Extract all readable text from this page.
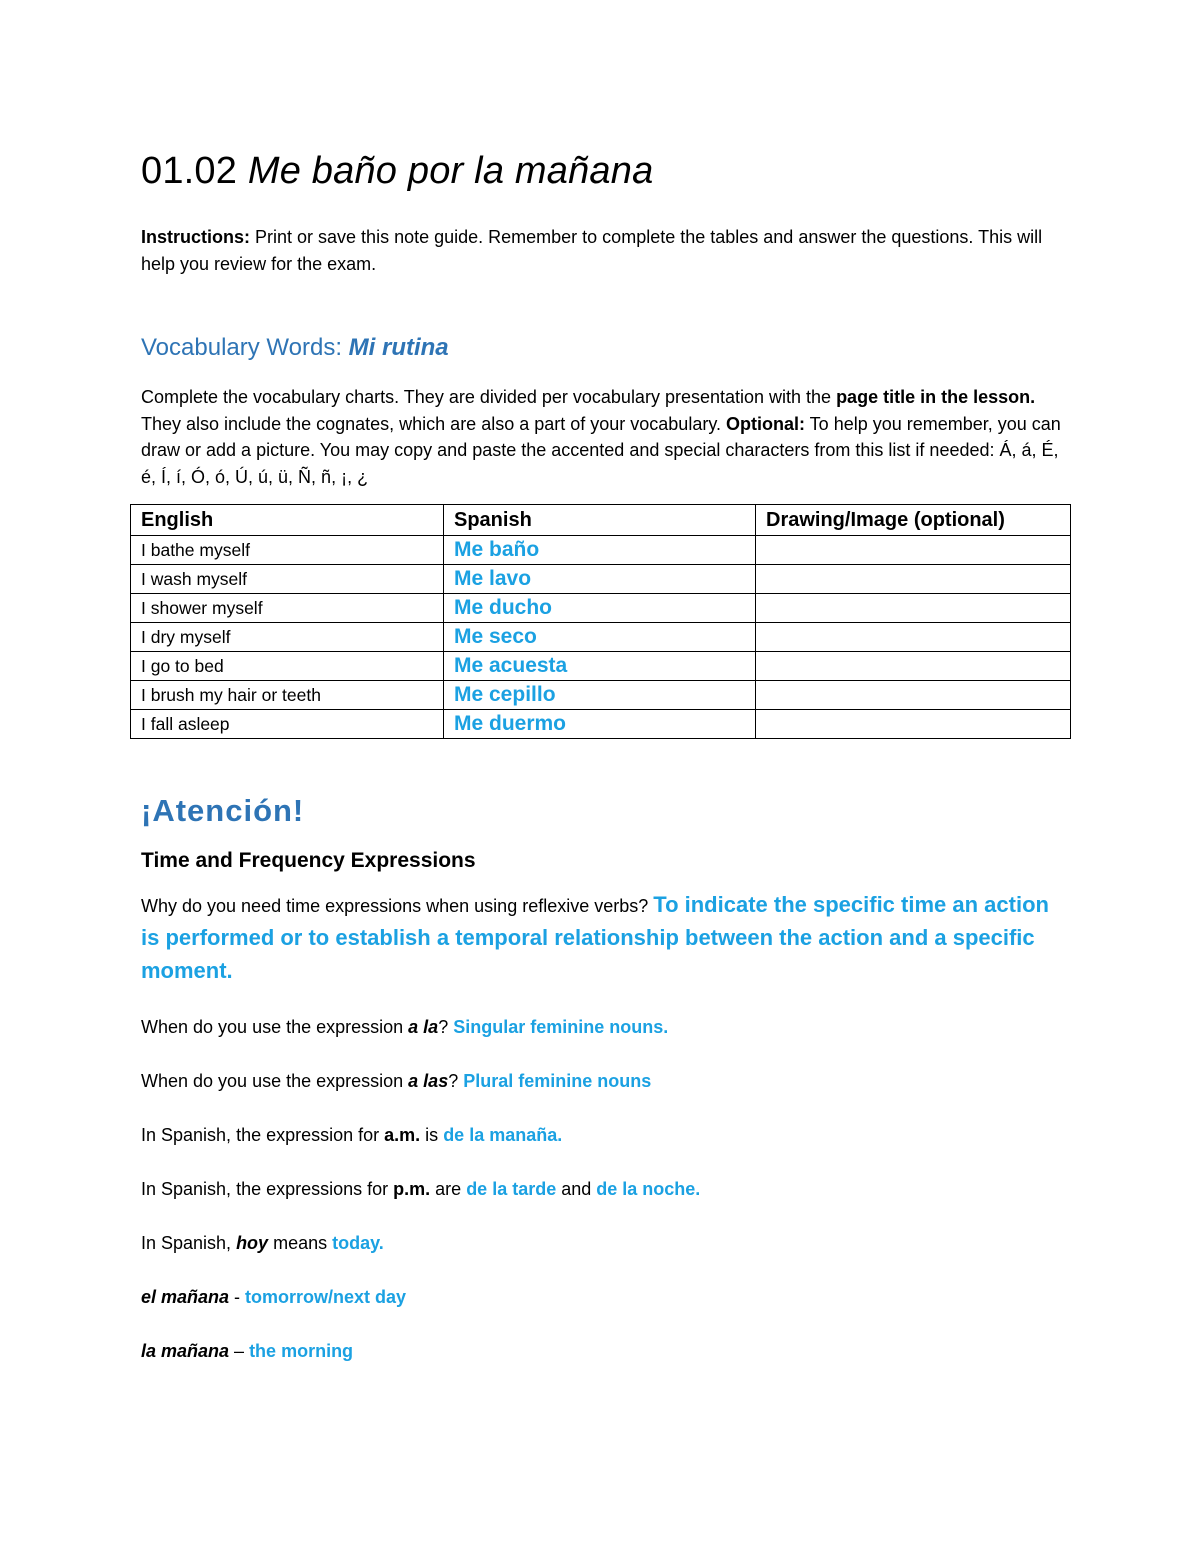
01.02 Me baño por la mañana

Instructions: Print or save this note guide. Remember to complete the tables and answer the questions. This will help you review for the exam.

Vocabulary Words: Mi rutina

Complete the vocabulary charts. They are divided per vocabulary presentation with the page title in the lesson. They also include the cognates, which are also a part of your vocabulary. Optional: To help you remember, you can draw or add a picture. You may copy and paste the accented and special characters from this list if needed: Á, á, É, é, Í, í, Ó, ó, Ú, ú, ü, Ñ, ñ, ¡, ¿

English	Spanish	Drawing/Image (optional)
I bathe myself	Me baño	
I wash myself	Me lavo	
I shower myself	Me ducho	
I dry myself	Me seco	
I go to bed	Me acuesta	
I brush my hair or teeth	Me cepillo	
I fall asleep	Me duermo	
¡Atención!
Time and Frequency Expressions

Why do you need time expressions when using reflexive verbs? To indicate the specific time an action is performed or to establish a temporal relationship between the action and a specific moment.

When do you use the expression a la? Singular feminine nouns.

When do you use the expression a las? Plural feminine nouns

In Spanish, the expression for a.m. is de la manaña.

In Spanish, the expressions for p.m. are de la tarde and de la noche.

In Spanish, hoy means today.

el mañana - tomorrow/next day

la mañana – the morning
